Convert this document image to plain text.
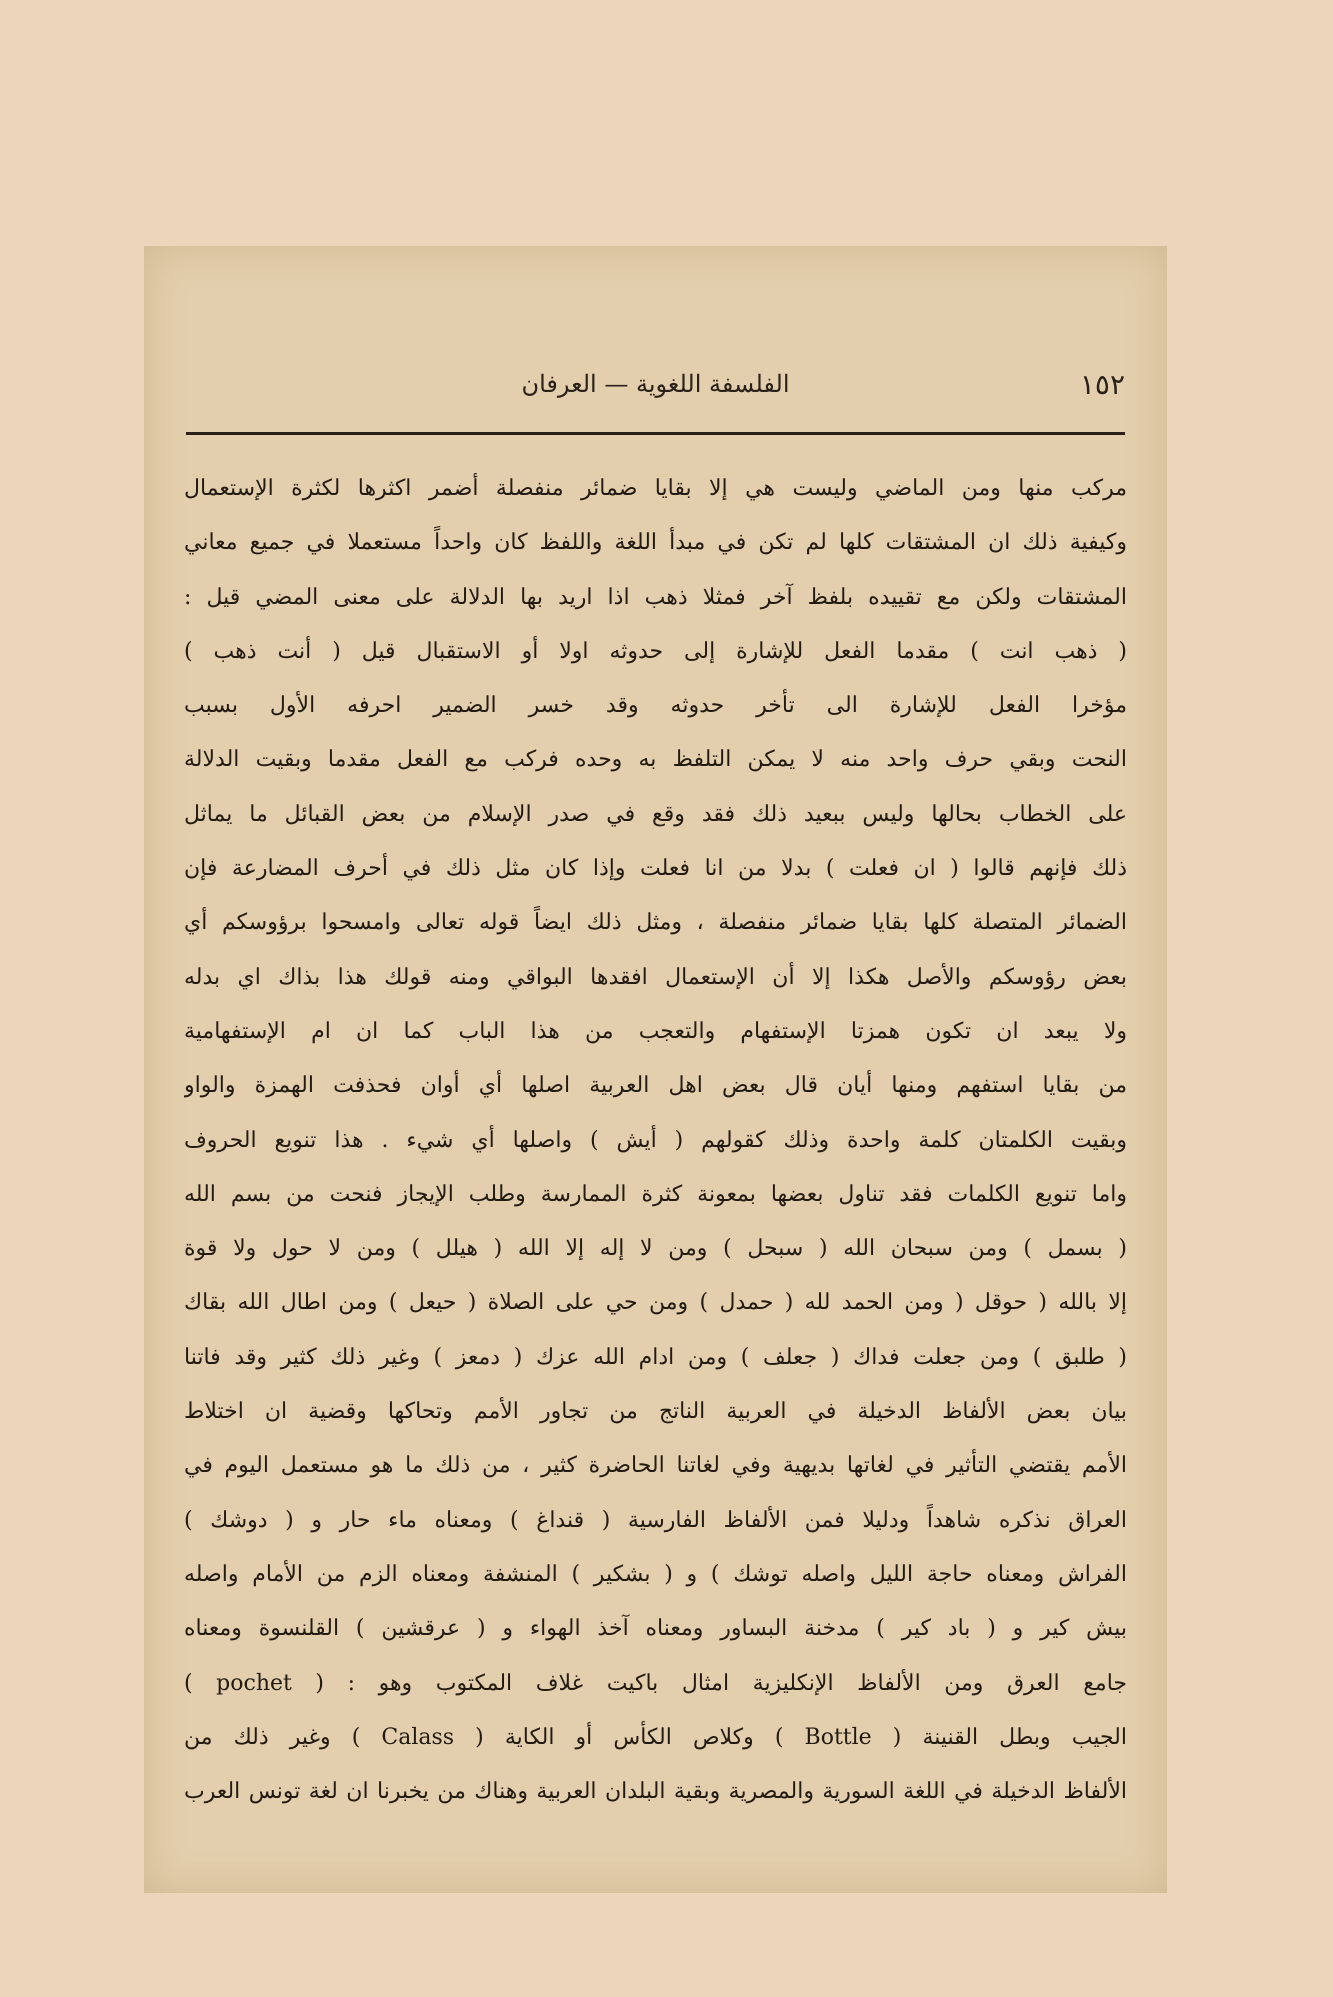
١٥٢
الفلسفة اللغوية — العرفان
مركب منها ومن الماضي وليست هي إلا بقايا ضمائر منفصلة أضمر اكثرها لكثرة الإستعمال
وكيفية ذلك ان المشتقات كلها لم تكن في مبدأ اللغة واللفظ كان واحداً مستعملا في جميع معاني
المشتقات ولكن مع تقييده بلفظ آخر فمثلا ذهب اذا اريد بها الدلالة على معنى المضي قيل :
( ذهب انت ) مقدما الفعل للإشارة إلى حدوثه اولا أو الاستقبال قيل ( أنت ذهب )
مؤخرا الفعل للإشارة الى تأخر حدوثه وقد خسر الضمير احرفه الأول بسبب
النحت وبقي حرف واحد منه لا يمكن التلفظ به وحده فركب مع الفعل مقدما وبقيت الدلالة
على الخطاب بحالها وليس ببعيد ذلك فقد وقع في صدر الإسلام من بعض القبائل ما يماثل
ذلك فإنهم قالوا ( ان فعلت ) بدلا من انا فعلت وإذا كان مثل ذلك في أحرف المضارعة فإن
الضمائر المتصلة كلها بقايا ضمائر منفصلة ، ومثل ذلك ايضاً قوله تعالى وامسحوا برؤوسكم أي
بعض رؤوسكم والأصل هكذا إلا أن الإستعمال افقدها البواقي ومنه قولك هذا بذاك اي بدله
ولا يبعد ان تكون همزتا الإستفهام والتعجب من هذا الباب كما ان ام الإستفهامية
من بقايا استفهم ومنها أيان قال بعض اهل العربية اصلها أي أوان فحذفت الهمزة والواو
وبقيت الكلمتان كلمة واحدة وذلك كقولهم ( أيش ) واصلها أي شيء . هذا تنويع الحروف
واما تنويع الكلمات فقد تناول بعضها بمعونة كثرة الممارسة وطلب الإيجاز فنحت من بسم الله
( بسمل ) ومن سبحان الله ( سبحل ) ومن لا إله إلا الله ( هيلل ) ومن لا حول ولا قوة
إلا بالله ( حوقل ( ومن الحمد لله ( حمدل ) ومن حي على الصلاة ( حيعل ) ومن اطال الله بقاك
( طلبق ) ومن جعلت فداك ( جعلف ) ومن ادام الله عزك ( دمعز ) وغير ذلك كثير وقد فاتنا
بيان بعض الألفاظ الدخيلة في العربية الناتج من تجاور الأمم وتحاكها وقضية ان اختلاط
الأمم يقتضي التأثير في لغاتها بديهية وفي لغاتنا الحاضرة كثير ، من ذلك ما هو مستعمل اليوم في
العراق نذكره شاهداً ودليلا فمن الألفاظ الفارسية ( قنداغ ) ومعناه ماء حار و ( دوشك )
الفراش ومعناه حاجة الليل واصله توشك ) و ( بشكير ) المنشفة ومعناه الزم من الأمام واصله
بيش كير و ( باد كير ) مدخنة البساور ومعناه آخذ الهواء و ( عرقشين ) القلنسوة ومعناه
جامع العرق ومن الألفاظ الإنكليزية امثال باكيت غلاف المكتوب وهو : ( pochet )
الجيب وبطل القنينة ( Bottle ) وكلاص الكأس أو الكاية ( Calass ) وغير ذلك من
الألفاظ الدخيلة في اللغة السورية والمصرية وبقية البلدان العربية وهناك من يخبرنا ان لغة تونس العرب
